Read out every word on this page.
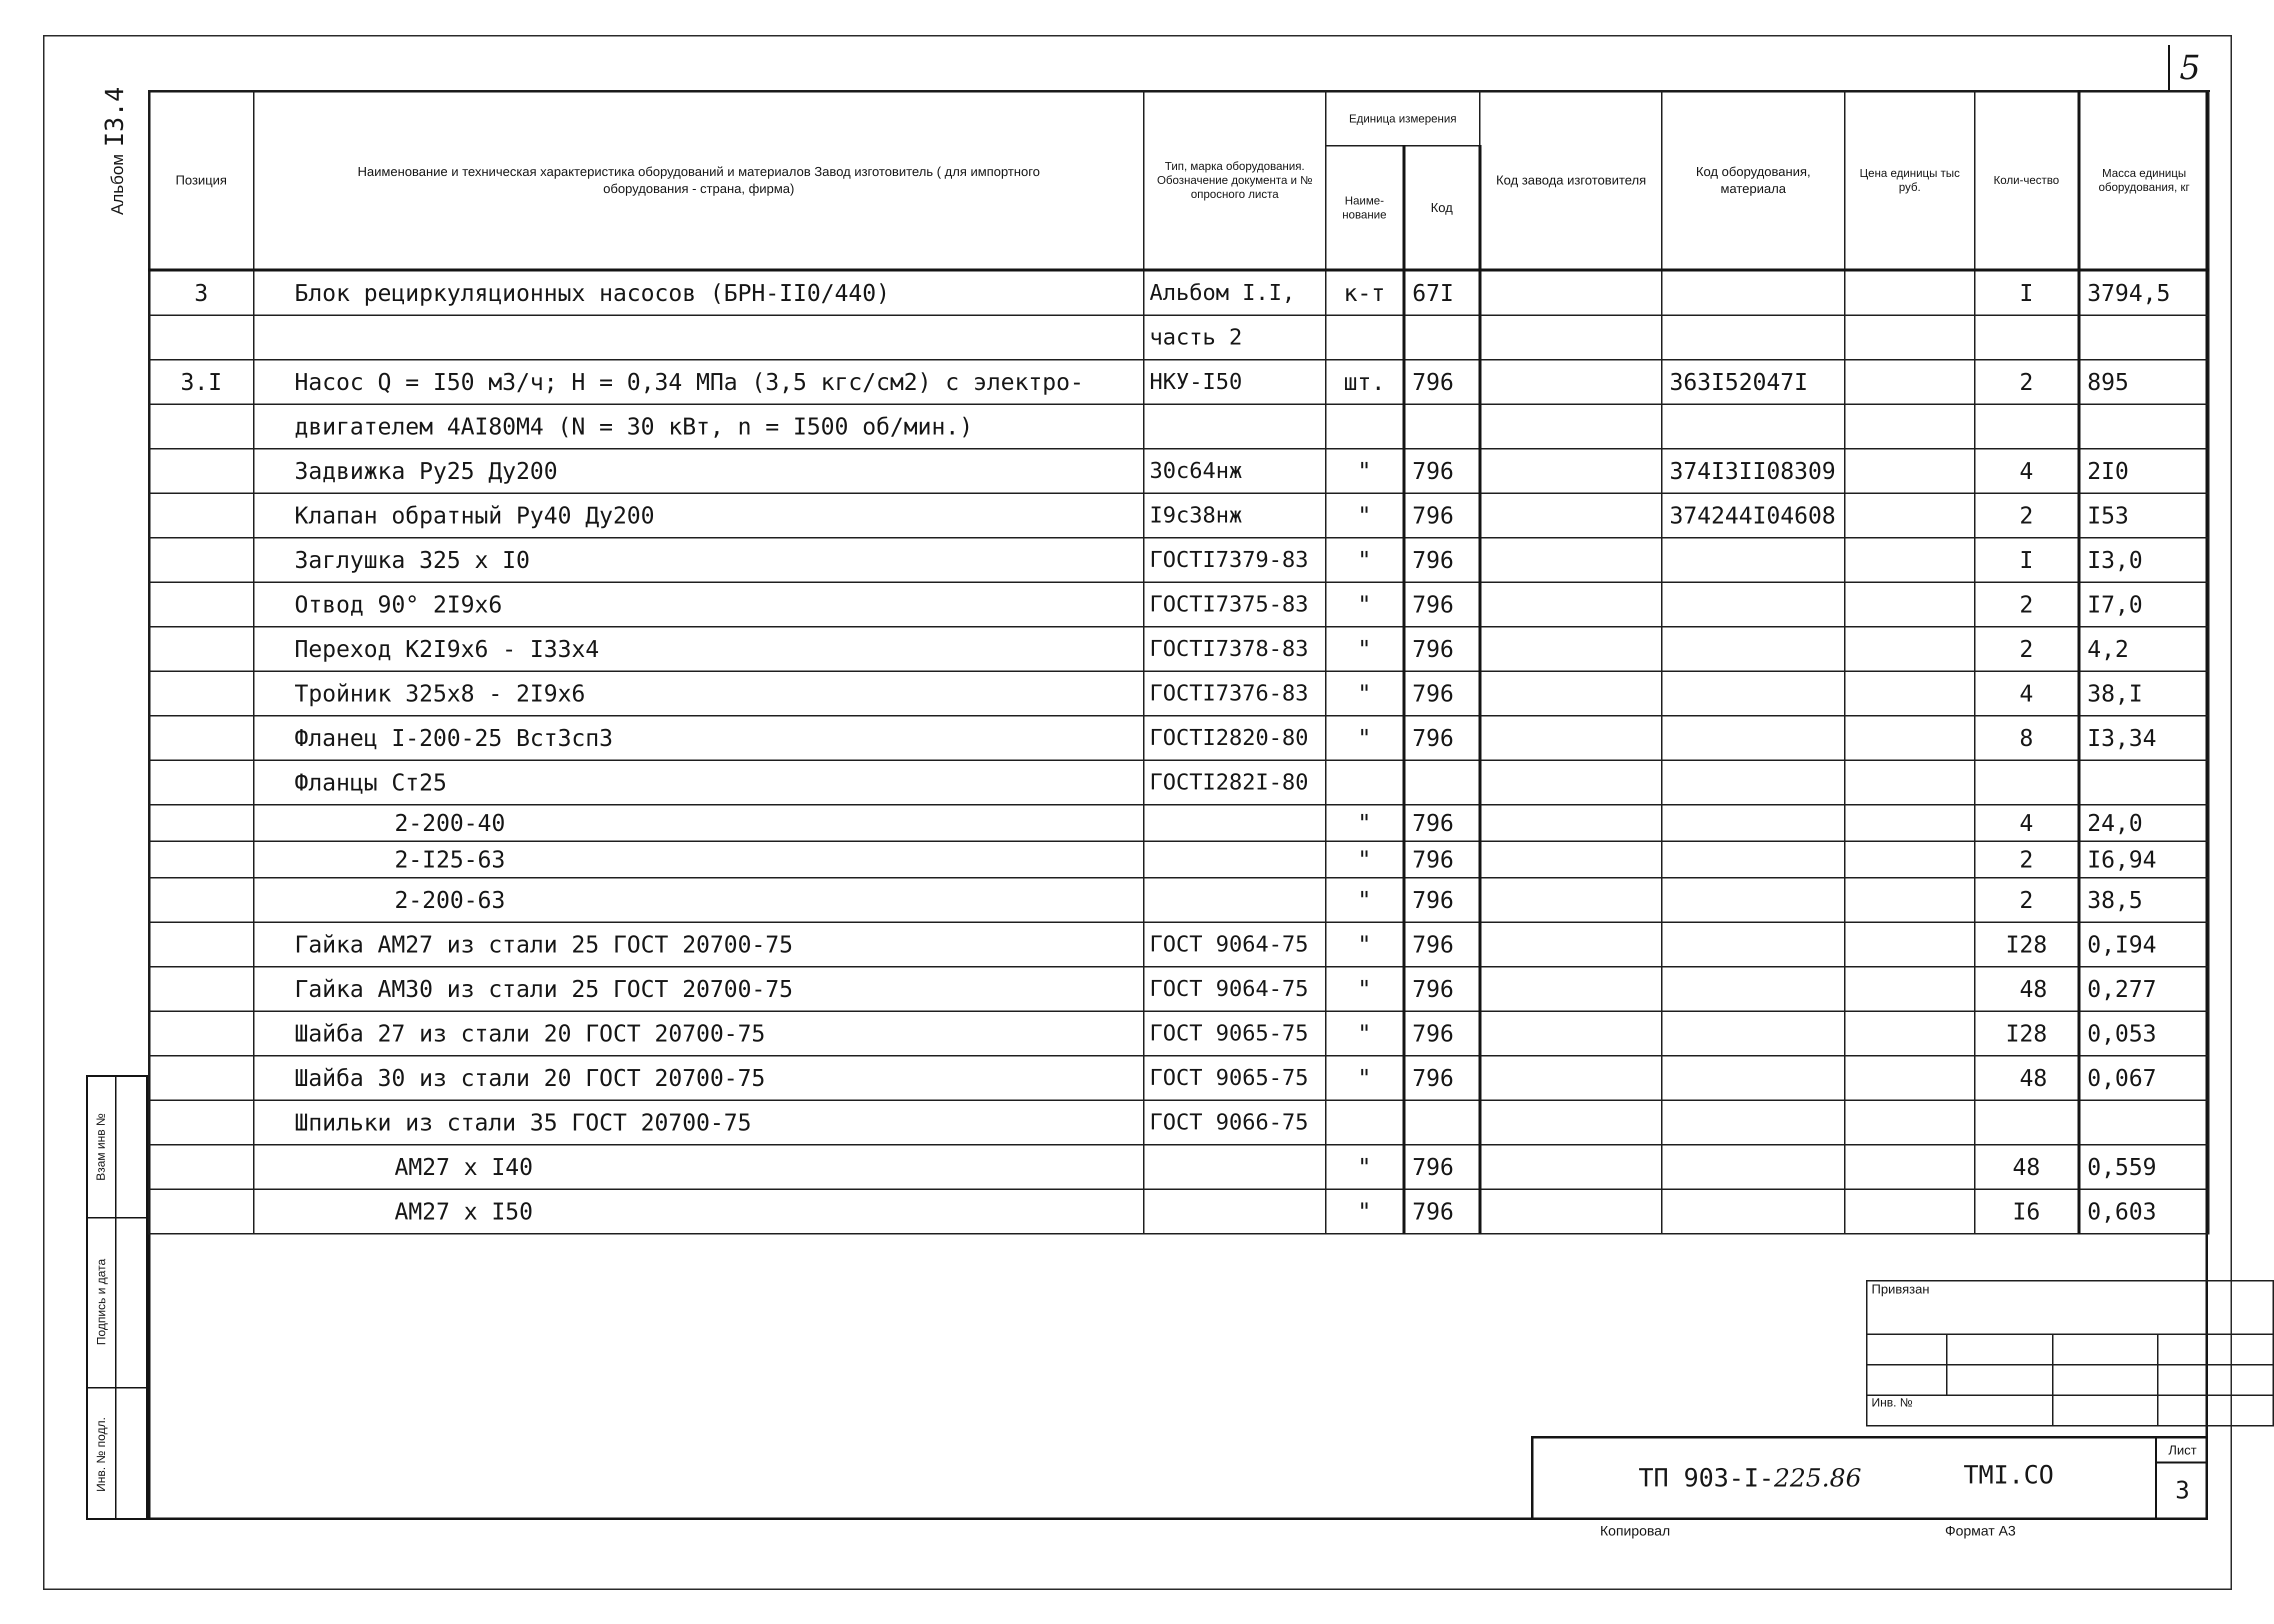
5
АльбомI3.4
Взам инв №
Подпись и дата
Инв. № подл.
Позиция	Наименование и техническая характеристика оборудований и материалов Завод изготовитель ( для импортного оборудования - страна, фирма)	Тип, марка оборудования. Обозначение документа и № опросного листа	Единица измерения		Код завода изготовителя	Код оборудования, материала	Цена единицы тыс руб.	Коли-чество	Масса единицы оборудования, кг
			Наиме-нование	Код					
3	Блок рециркуляционных насосов (БРН-II0/440)	Альбом I.I,	к-т	67I				I	3794,5
		часть 2							
3.I	Насос Q = I50 м3/ч; Н = 0,34 МПа (3,5 кгс/см2) с электро-	НКУ-I50	шт.	796		363I52047I		2	895
	двигателем 4АI80М4 (N = 30 кВт, n = I500 об/мин.)								
	Задвижка Ру25 Ду200	30с64нж	"	796		374I3II08309		4	2I0
	Клапан обратный Ру40 Ду200	I9с38нж	"	796		374244I04608		2	I53
	Заглушка 325 х I0	ГОСТI7379-83	"	796				I	I3,0
	Отвод 90° 2I9х6	ГОСТI7375-83	"	796				2	I7,0
	Переход К2I9х6 - I33х4	ГОСТI7378-83	"	796				2	4,2
	Тройник 325х8 - 2I9х6	ГОСТI7376-83	"	796				4	38,I
	Фланец I-200-25 ВстЗсп3	ГОСТI2820-80	"	796				8	I3,34
	Фланцы Ст25	ГОСТI282I-80							
	2-200-40		"	796				4	24,0
	2-I25-63		"	796				2	I6,94
	2-200-63		"	796				2	38,5
	Гайка АМ27 из стали 25 ГОСТ 20700-75	ГОСТ 9064-75	"	796				I28	0,I94
	Гайка АМ30 из стали 25 ГОСТ 20700-75	ГОСТ 9064-75	"	796				48	0,277
	Шайба 27 из стали 20 ГОСТ 20700-75	ГОСТ 9065-75	"	796				I28	0,053
	Шайба 30 из стали 20 ГОСТ 20700-75	ГОСТ 9065-75	"	796				48	0,067
	Шпильки из стали 35 ГОСТ 20700-75	ГОСТ 9066-75							
	АМ27 х I40		"	796				48	0,559
	АМ27 х I50		"	796				I6	0,603
Привязан			

Инв. №			
ТП 903-I-225.86	ТМI.СО
Лист
3
Копировал	Формат А3
